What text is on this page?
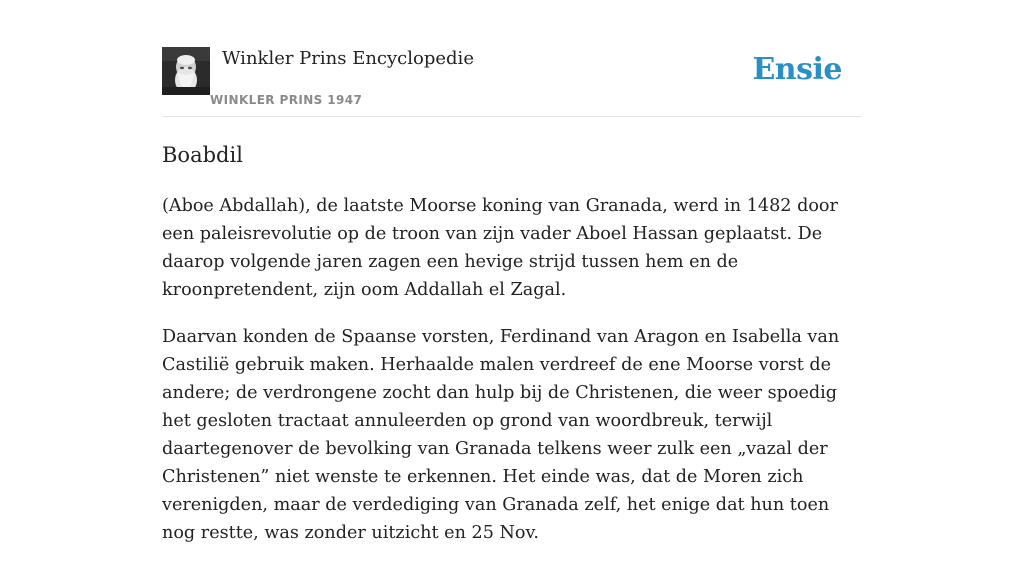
Winkler Prins Encyclopedie
WINKLER PRINS 1947
Ensie
Boabdil

(Aboe Abdallah), de laatste Moorse koning van Granada, werd in 1482 door een paleisrevolutie op de troon van zijn vader Aboel Hassan geplaatst. De daarop volgende jaren zagen een hevige strijd tussen hem en de kroonpretendent, zijn oom Addallah el Zagal.

Daarvan konden de Spaanse vorsten, Ferdinand van Aragon en Isabella van Castilië gebruik maken. Herhaalde malen verdreef de ene Moorse vorst de andere; de verdrongene zocht dan hulp bij de Christenen, die weer spoedig het gesloten tractaat annuleerden op grond van woordbreuk, terwijl daartegenover de bevolking van Granada telkens weer zulk een „vazal der Christenen” niet wenste te erkennen. Het einde was, dat de Moren zich verenigden, maar de verdediging van Granada zelf, het enige dat hun toen nog restte, was zonder uitzicht en 25 Nov.
